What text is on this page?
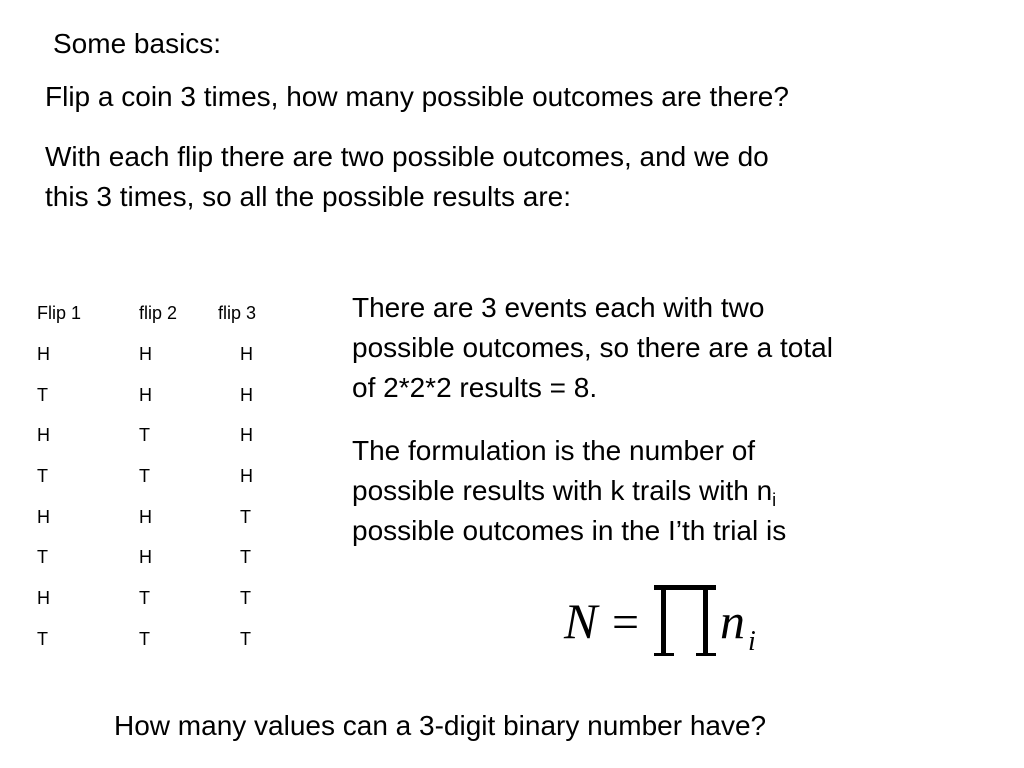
Some basics:
Flip a coin 3 times, how many possible outcomes are there?
With each flip there are two possible outcomes, and we do
this 3 times, so all the possible results are:
Flip 1	flip 2 flip 3
H	H	H
T	H	H
H	T	H
T	T	H
H	H	T
T	H	T
H	T	T
T	T	T
There are 3 events each with two
possible outcomes, so there are a total
of 2*2*2 results = 8.
The formulation is the number of
possible results with k trails with $n_i$
possible outcomes in the I’th trial is
N =
∏
n i
How many values can a 3-digit binary number have?
